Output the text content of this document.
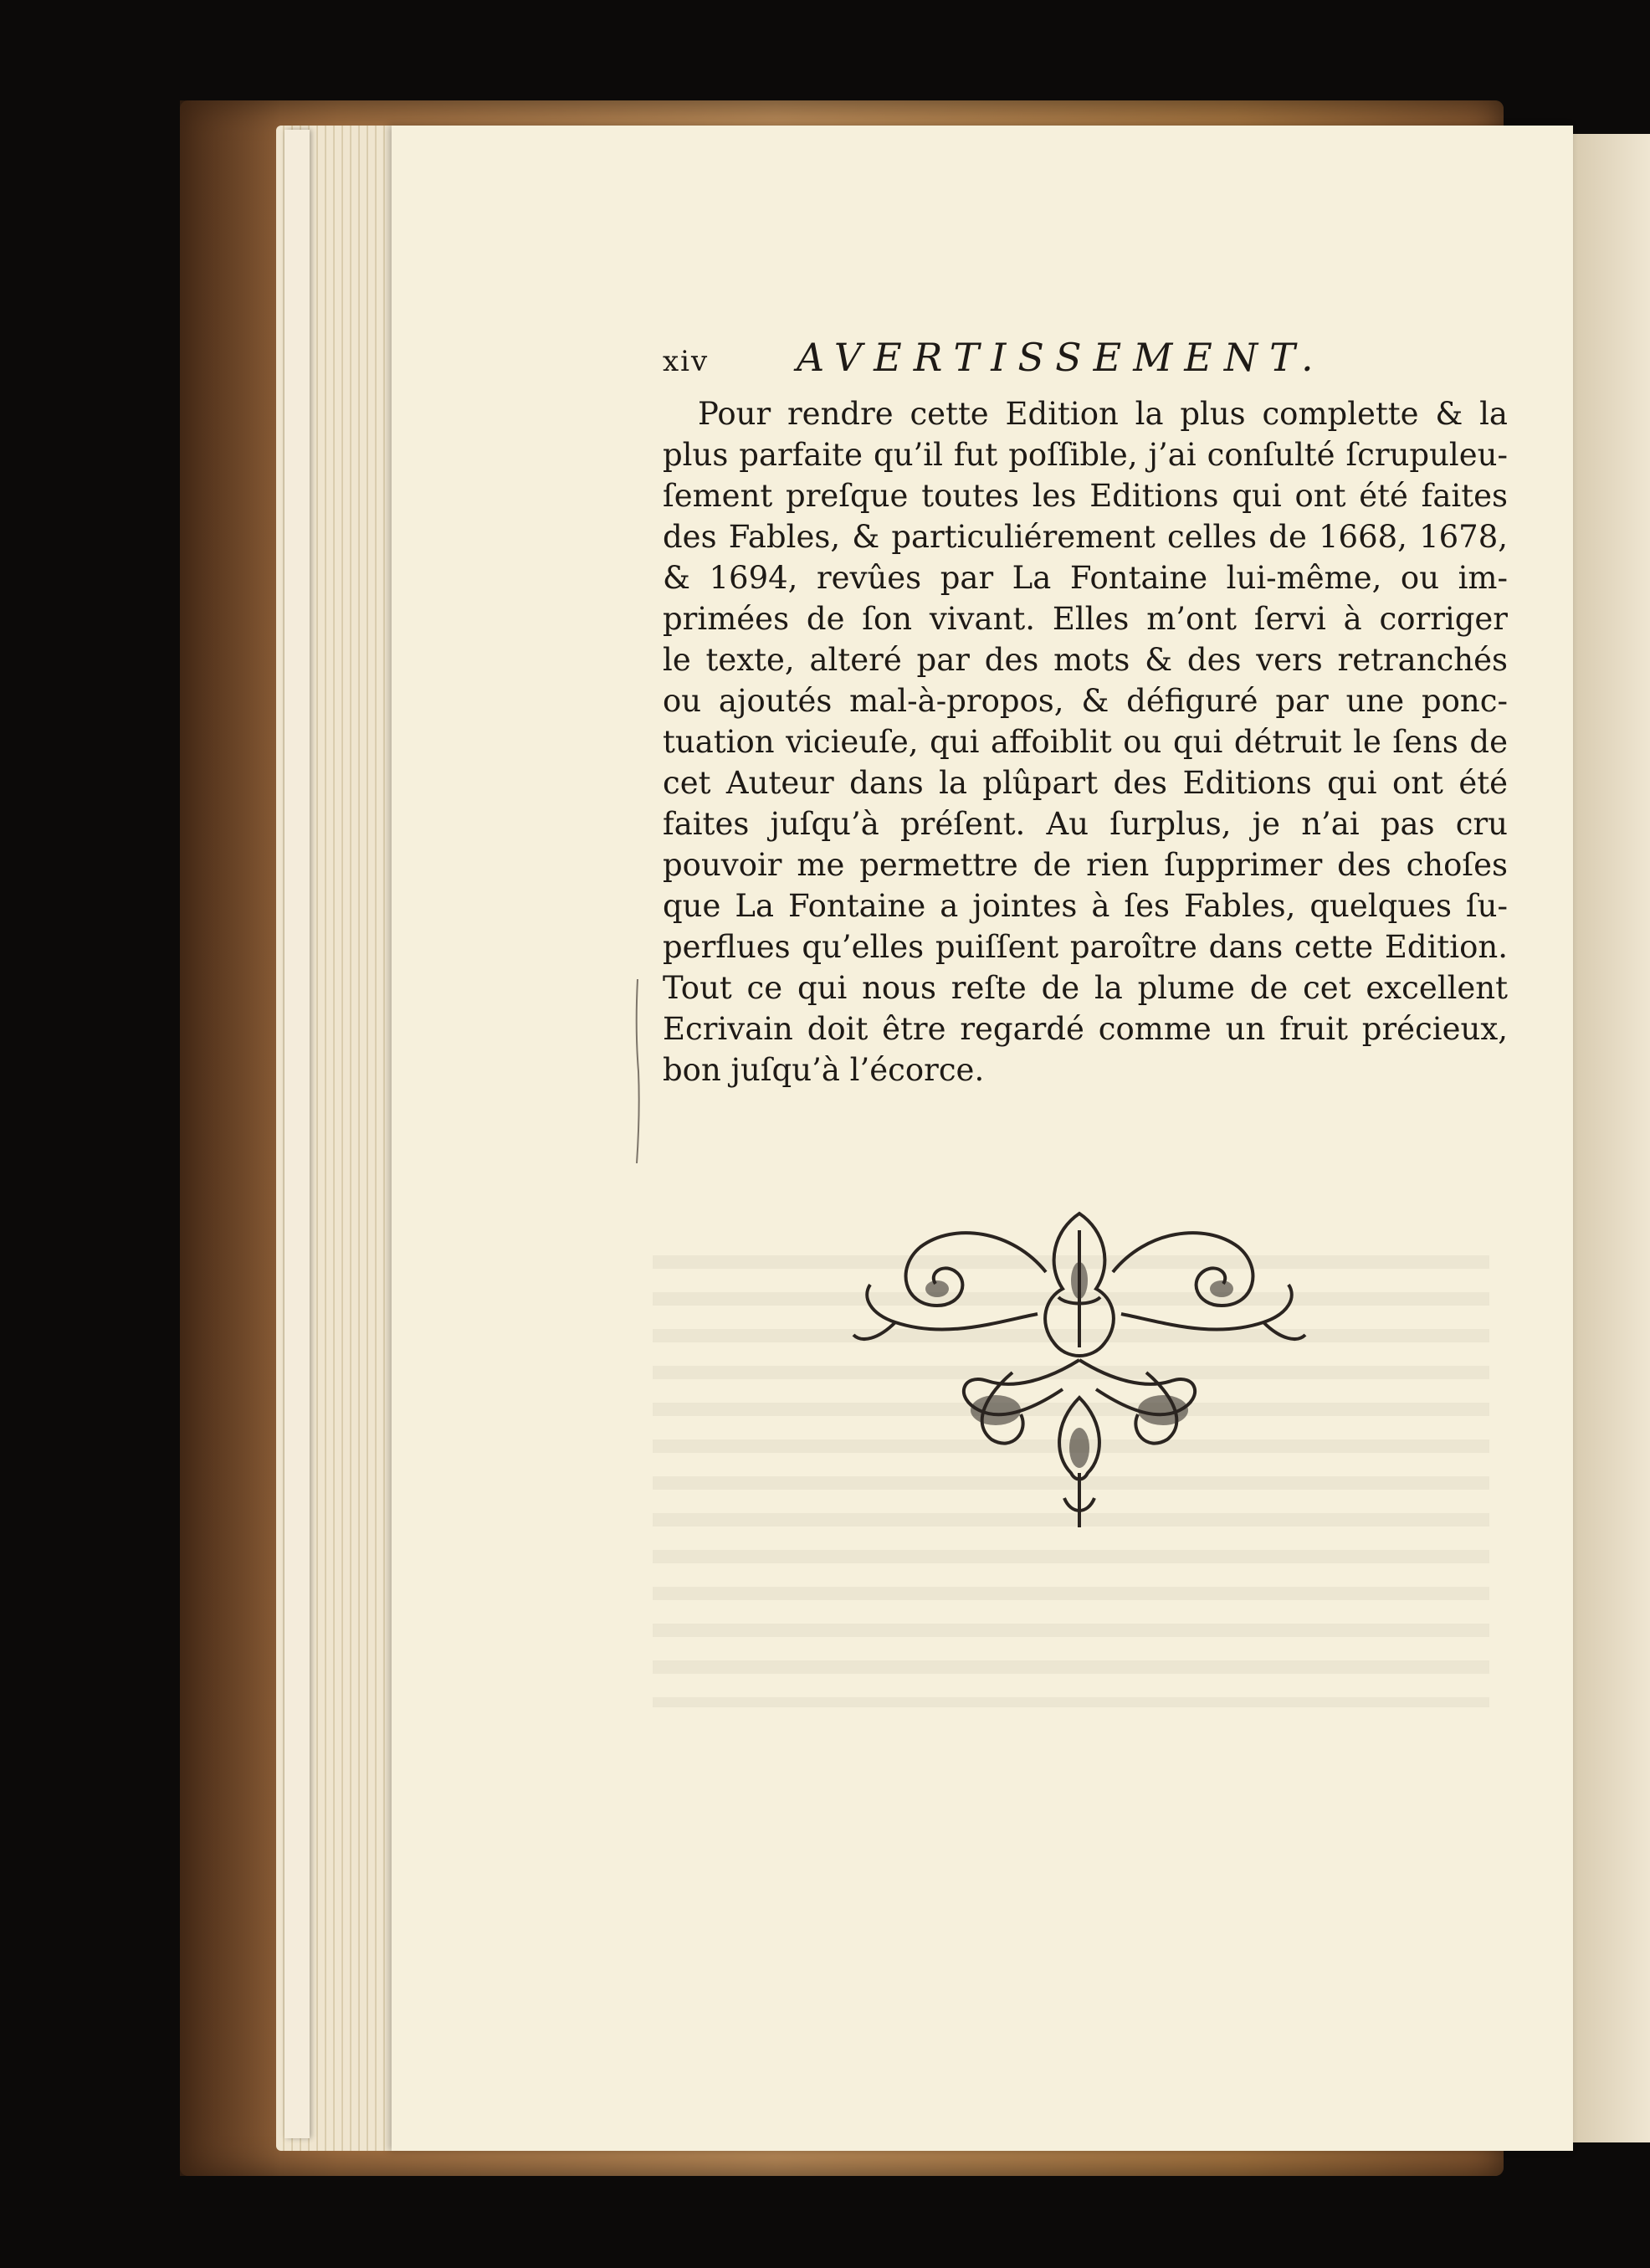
xiv	AVERTISSEMENT.
Pour rendre cette Edition la plus complette & la
plus parfaite qu’il fut poſſible, j’ai conſulté ſcrupuleu-
ſement preſque toutes les Editions qui ont été faites
des Fables, & particuliérement celles de 1668, 1678,
& 1694, revûes par La Fontaine lui-même, ou im-
primées de ſon vivant. Elles m’ont ſervi à corriger
le texte, alteré par des mots & des vers retranchés
ou ajoutés mal-à-propos, & défiguré par une ponc-
tuation vicieuſe, qui affoiblit ou qui détruit le ſens de
cet Auteur dans la plûpart des Editions qui ont été
faites juſqu’à préſent. Au ſurplus, je n’ai pas cru
pouvoir me permettre de rien ſupprimer des choſes
que La Fontaine a jointes à ſes Fables, quelques ſu-
perflues qu’elles puiſſent paroître dans cette Edition.
Tout ce qui nous reſte de la plume de cet excellent
Ecrivain doit être regardé comme un fruit précieux,
bon juſqu’à l’écorce.
